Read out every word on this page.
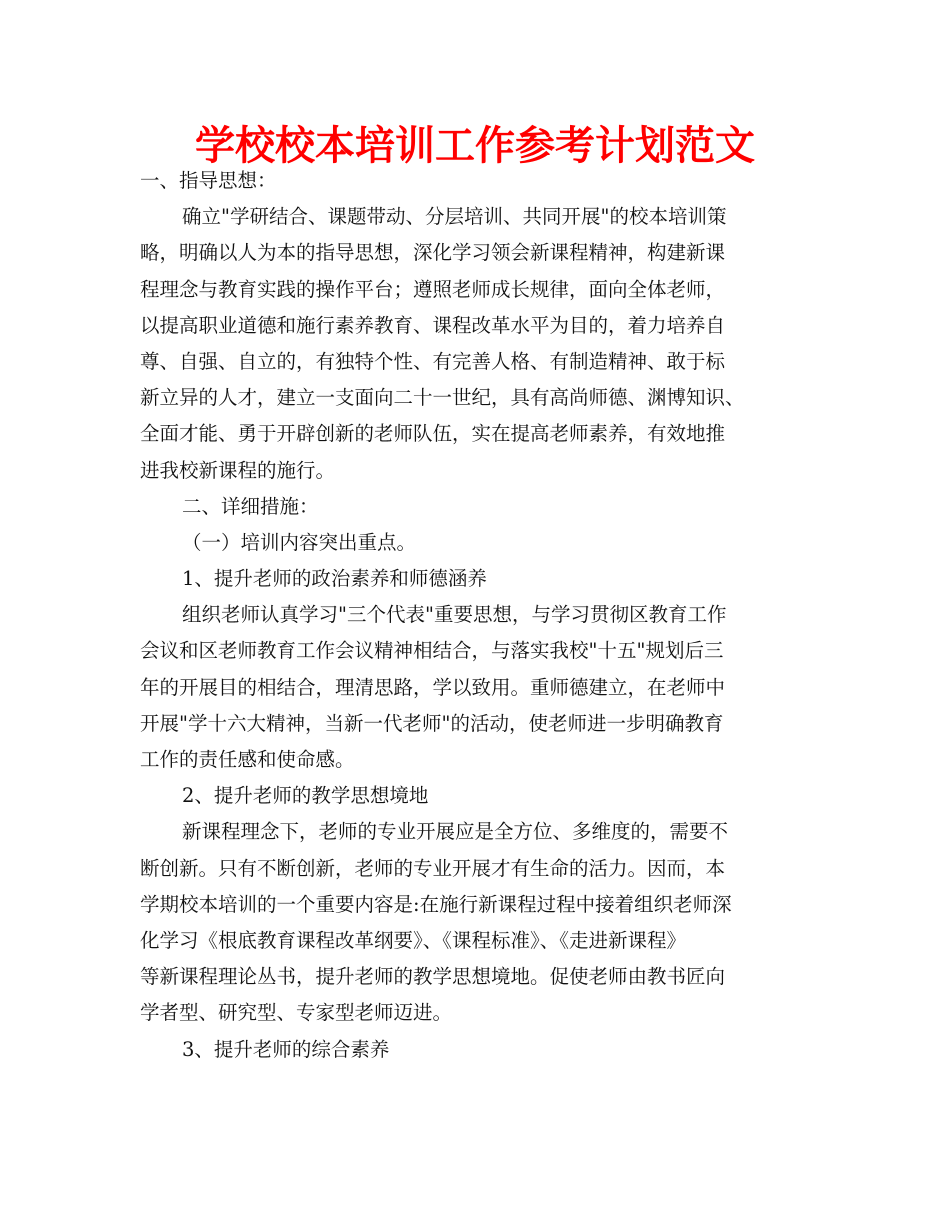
学校校本培训工作参考计划范文
一、指导思想：
确立"学研结合、课题带动、分层培训、共同开展"的校本培训策
略，明确以人为本的指导思想，深化学习领会新课程精神，构建新课
程理念与教育实践的操作平台；遵照老师成长规律，面向全体老师，
以提高职业道德和施行素养教育、课程改革水平为目的，着力培养自
尊、自强、自立的，有独特个性、有完善人格、有制造精神、敢于标
新立异的人才，建立一支面向二十一世纪，具有高尚师德、渊博知识、
全面才能、勇于开辟创新的老师队伍，实在提高老师素养，有效地推
进我校新课程的施行。
二、详细措施：
（一）培训内容突出重点。
1、提升老师的政治素养和师德涵养
组织老师认真学习"三个代表"重要思想，与学习贯彻区教育工作
会议和区老师教育工作会议精神相结合，与落实我校"十五"规划后三
年的开展目的相结合，理清思路，学以致用。重师德建立，在老师中
开展"学十六大精神，当新一代老师"的活动，使老师进一步明确教育
工作的责任感和使命感。
2、提升老师的教学思想境地
新课程理念下，老师的专业开展应是全方位、多维度的，需要不
断创新。只有不断创新，老师的专业开展才有生命的活力。因而，本
学期校本培训的一个重要内容是:在施行新课程过程中接着组织老师深
化学习《根底教育课程改革纲要》、《课程标准》、《走进新课程》
等新课程理论丛书，提升老师的教学思想境地。促使老师由教书匠向
学者型、研究型、专家型老师迈进。
3、提升老师的综合素养
